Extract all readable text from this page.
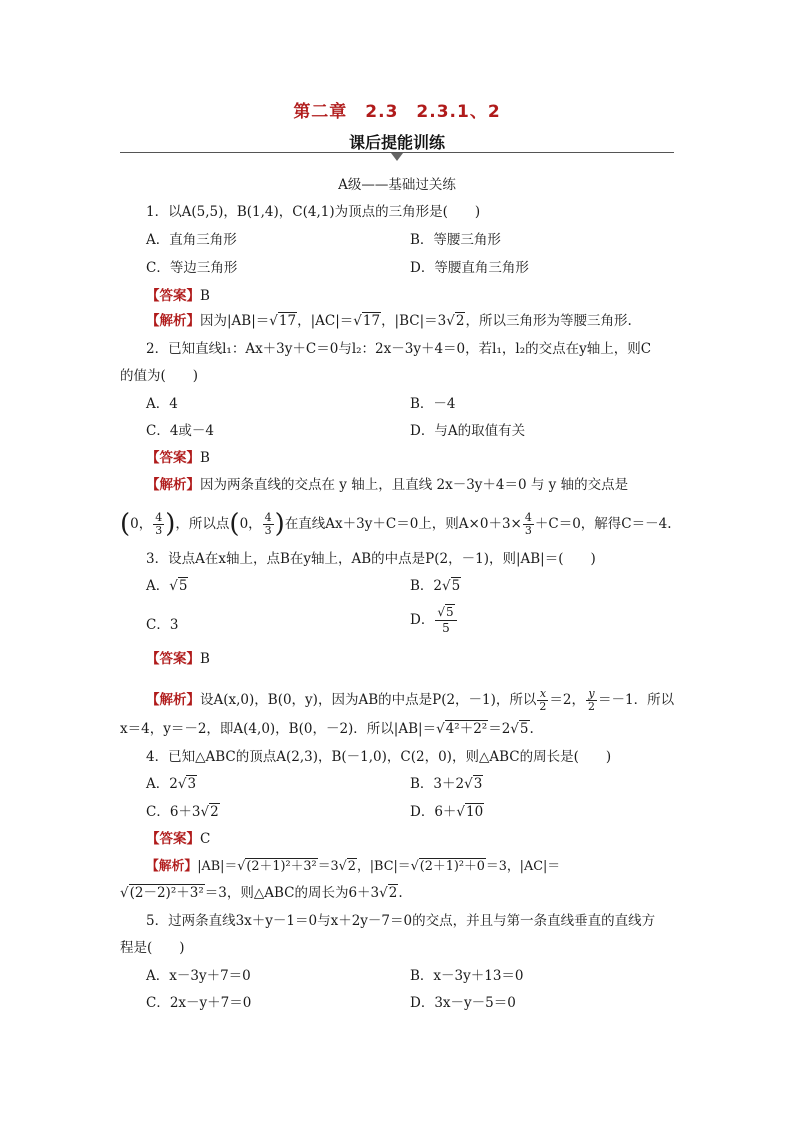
第二章　2.3　2.3.1、2
课后提能训练
A级——基础过关练
1．以A(5,5)，B(1,4)，C(4,1)为顶点的三角形是(　　)
A．直角三角形	B．等腰三角形
C．等边三角形	D．等腰直角三角形
【答案】B
【解析】因为|AB|＝√17，|AC|＝√17，|BC|＝3√2，所以三角形为等腰三角形.
2．已知直线l₁：Ax＋3y＋C＝0与l₂：2x－3y＋4＝0，若l₁，l₂的交点在y轴上，则C
的值为(　　)
A．4	B．－4
C．4或－4	D．与A的取值有关
【答案】B
【解析】因为两条直线的交点在 y 轴上，且直线 2x－3y＋4＝0 与 y 轴的交点是
(0， $\frac{4}{3}$ )，所以点(0， $\frac{4}{3}$ )在直线Ax＋3y＋C＝0上，则$A\times 0+3\times \frac{4}{3} +C=0$，解得C＝－4.
3．设点A在x轴上，点B在y轴上，AB的中点是P(2，－1)，则|AB|＝(　　)
A．√5	B．2√5
C．3	D． $\frac{√5}{5}$
【答案】B
【解析】设A(x,0)，B(0，y)，因为AB的中点是P(2，－1)，所以 $\frac{x}{2} =2$， $\frac{y}{2} =-1$．所以
x＝4，y＝－2，即A(4,0)，B(0，－2)．所以|AB|＝√4²＋2²＝2√5.
4．已知△ABC的顶点A(2,3)，B(－1,0)，C(2，0)，则△ABC的周长是(　　)
A．2√3	B．3＋2√3
C．6＋3√2	D．6＋√10
【答案】C
【解析】|AB|＝√(2＋1)²＋3²＝3√2，|BC|＝√(2＋1)²＋0＝3，|AC|＝
√(2－2)²＋3²＝3，则△ABC的周长为6＋3√2.
5．过两条直线3x＋y－1＝0与x＋2y－7＝0的交点，并且与第一条直线垂直的直线方
程是(　　)
A．x－3y＋7＝0	B．x－3y＋13＝0
C．2x－y＋7＝0	D．3x－y－5＝0
